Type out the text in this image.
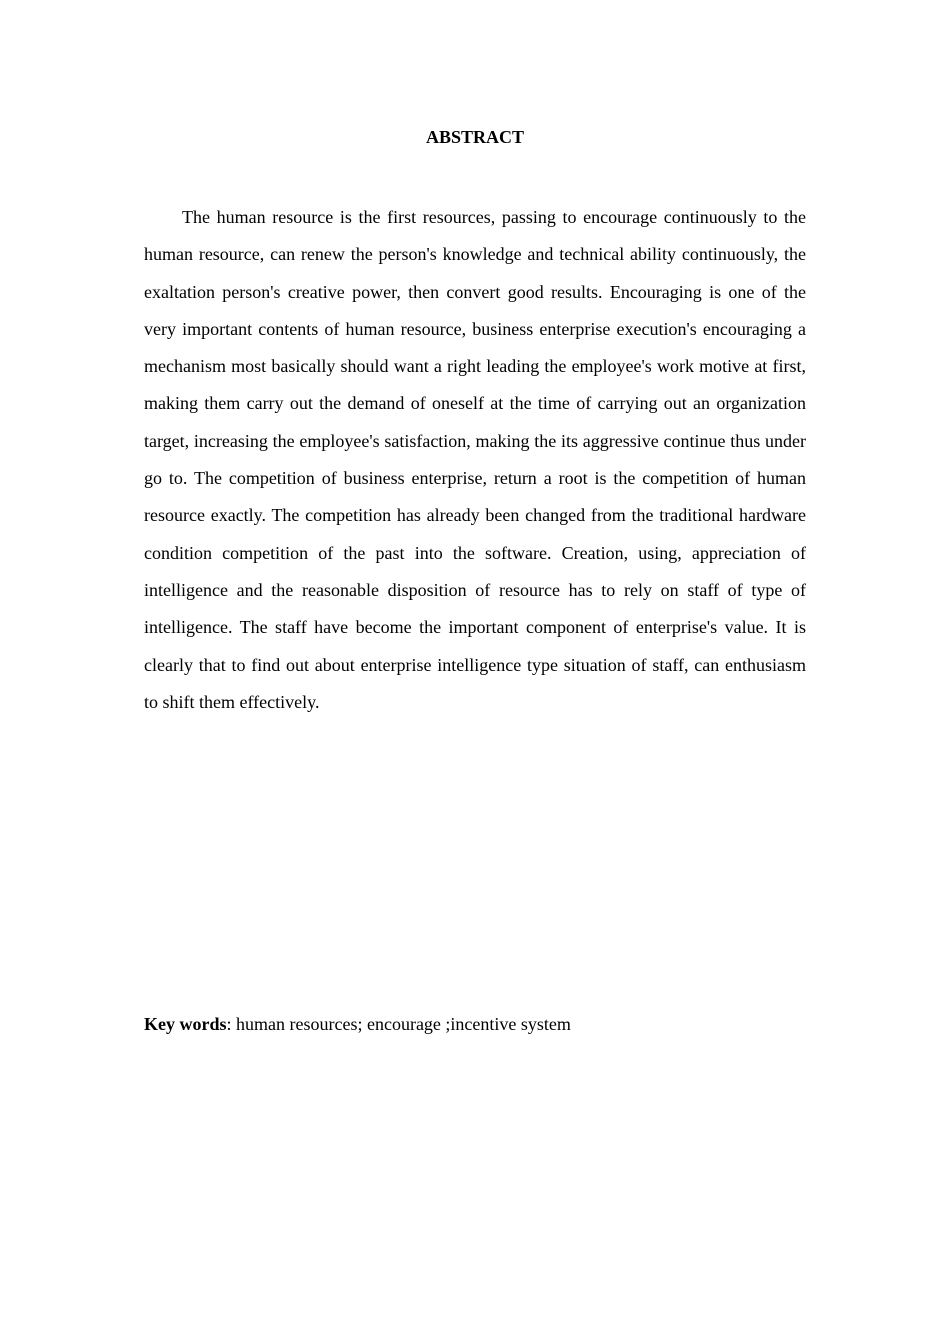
ABSTRACT

The human resource is the first resources, passing to encourage continuously to the human resource, can renew the person's knowledge and technical ability continuously, the exaltation person's creative power, then convert good results. Encouraging is one of the very important contents of human resource, business enterprise execution's encouraging a mechanism most basically should want a right leading the employee's work motive at first, making them carry out the demand of oneself at the time of carrying out an organization target, increasing the employee's satisfaction, making the its aggressive continue thus under go to. The competition of business enterprise, return a root is the competition of human resource exactly. The competition has already been changed from the traditional hardware condition competition of the past into the software. Creation, using, appreciation of intelligence and the reasonable disposition of resource has to rely on staff of type of intelligence. The staff have become the important component of enterprise's value. It is clearly that to find out about enterprise intelligence type situation of staff, can enthusiasm to shift them effectively.

Key words: human resources; encourage ;incentive system
